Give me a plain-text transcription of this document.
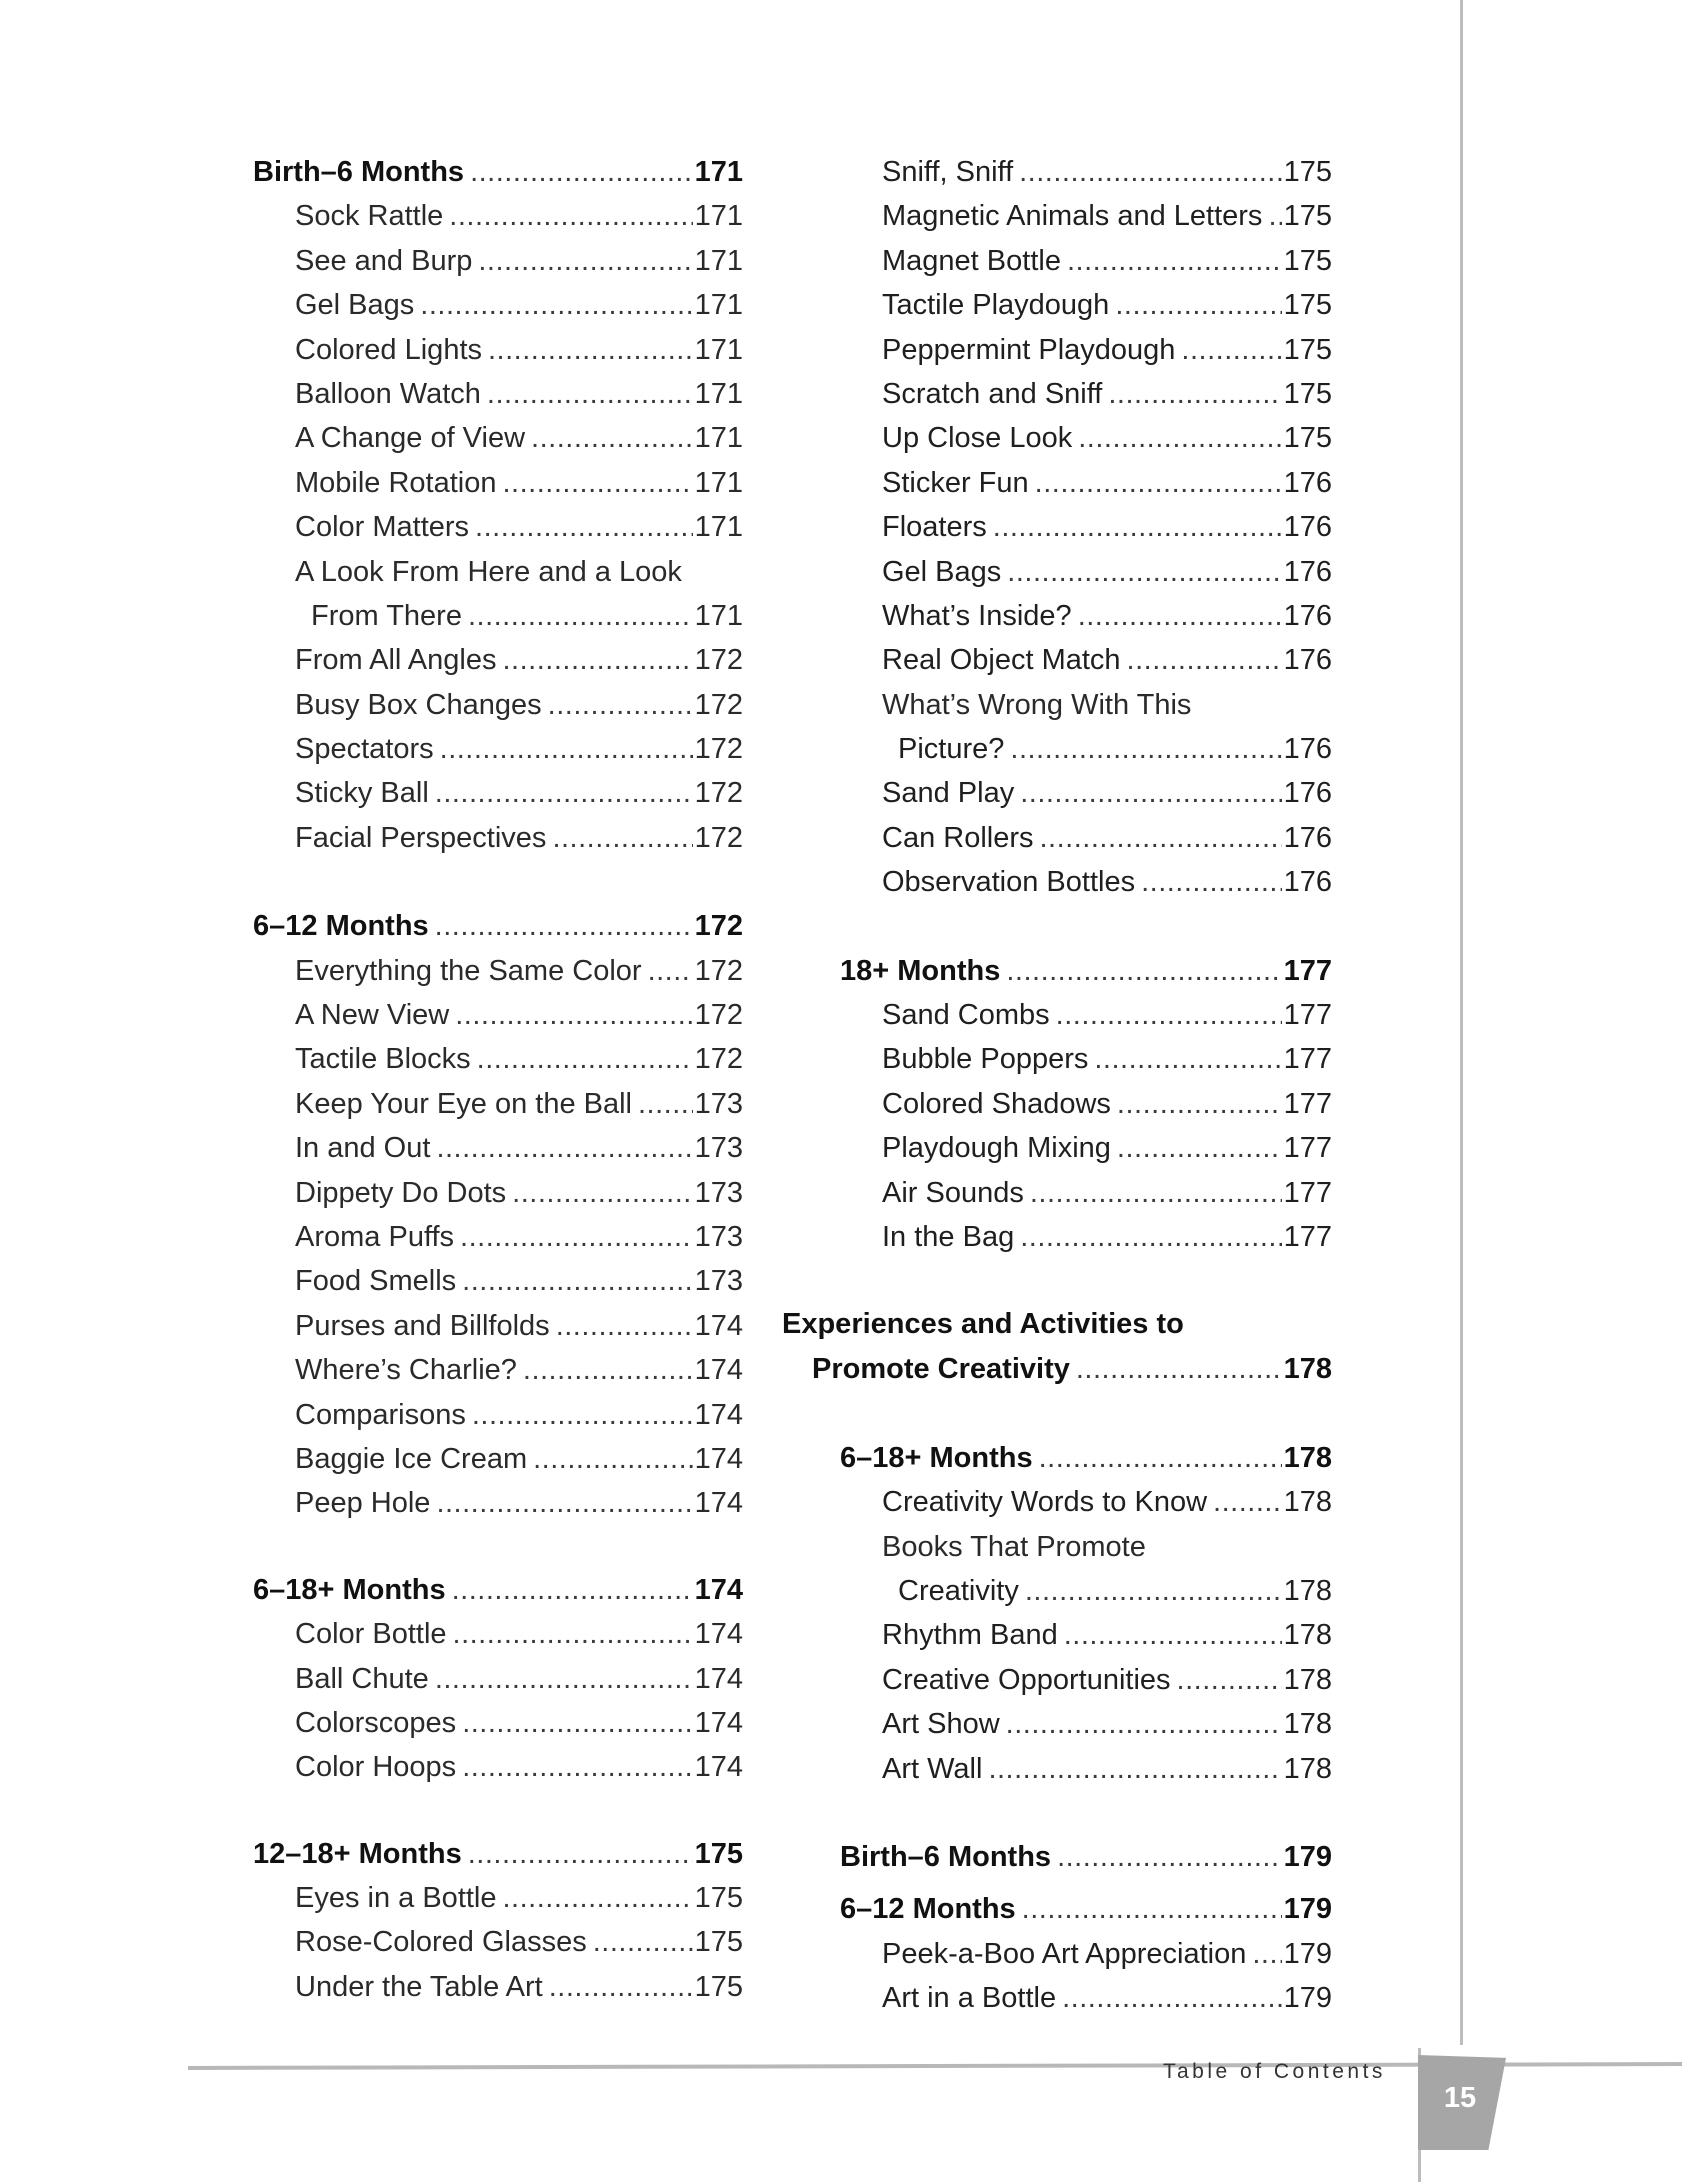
Birth–6 Months .....	171
Sock Rattle .....	171
See and Burp .....	171
Gel Bags .....	171
Colored Lights .....	171
Balloon Watch .....	171
A Change of View .....	171
Mobile Rotation .....	171
Color Matters .....	171
A Look From Here and a Look
From There .....	171
From All Angles .....	172
Busy Box Changes .....	172
Spectators .....	172
Sticky Ball .....	172
Facial Perspectives .....	172
6–12 Months .....	172
Everything the Same Color ..... 172
A New View .....	172
Tactile Blocks .....	172
Keep Your Eye on the Ball ..... 173
In and Out .....	173
Dippety Do Dots .....	173
Aroma Puffs .....	173
Food Smells .....	173
Purses and Billfolds .....	174
Where’s Charlie? .....	174
Comparisons .....	174
Baggie Ice Cream .....	174
Peep Hole .....	174
6–18+ Months .....	174
Color Bottle .....	174
Ball Chute .....	174
Colorscopes .....	174
Color Hoops .....	174
12–18+ Months .....	175
Eyes in a Bottle .....	175
Rose-Colored Glasses .....	175
Under the Table Art .....	175
Sniff, Sniff .....	175
Magnetic Animals and Letters ..... 175
Magnet Bottle .....	175
Tactile Playdough .....	175
Peppermint Playdough .....	175
Scratch and Sniff .....	175
Up Close Look .....	175
Sticker Fun .....	176
Floaters .....	176
Gel Bags .....	176
What’s Inside? .....	176
Real Object Match .....	176
What’s Wrong With This
Picture? .....	176
Sand Play .....	176
Can Rollers .....	176
Observation Bottles .....	176
18+ Months .....	177
Sand Combs .....	177
Bubble Poppers .....	177
Colored Shadows .....	177
Playdough Mixing .....	177
Air Sounds .....	177
In the Bag .....	177
Experiences and Activities to
Promote Creativity .....	178
6–18+ Months .....	178
Creativity Words to Know .....	178
Books That Promote
Creativity .....	178
Rhythm Band .....	178
Creative Opportunities .....	178
Art Show .....	178
Art Wall .....	178
Birth–6 Months .....	179
6–12 Months .....	179
Peek-a-Boo Art Appreciation ..... 179
Art in a Bottle .....	179
Table of Contents
15
